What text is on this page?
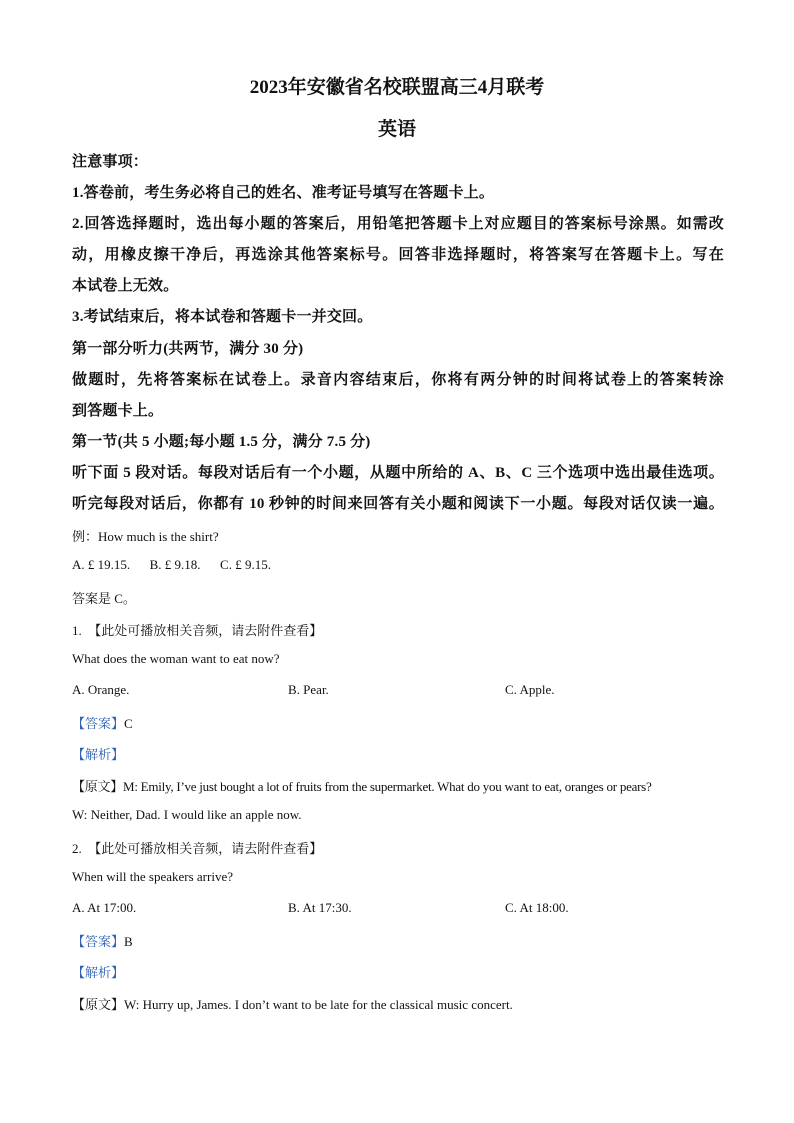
2023年安徽省名校联盟高三4月联考
英语
注意事项：
1.答卷前，考生务必将自己的姓名、准考证号填写在答题卡上。
2.回答选择题时，选出每小题的答案后，用铅笔把答题卡上对应题目的答案标号涂黑。如需改
动，用橡皮擦干净后，再选涂其他答案标号。回答非选择题时，将答案写在答题卡上。写在
本试卷上无效。
3.考试结束后，将本试卷和答题卡一并交回。
第一部分听力(共两节，满分 30 分)
做题时，先将答案标在试卷上。录音内容结束后，你将有两分钟的时间将试卷上的答案转涂
到答题卡上。
第一节(共 5 小题;每小题 1.5 分，满分 7.5 分)
听下面 5 段对话。每段对话后有一个小题，从题中所给的 A、B、C 三个选项中选出最佳选项。
听完每段对话后，你都有 10 秒钟的时间来回答有关小题和阅读下一小题。每段对话仅读一遍。
例：How much is the shirt?
A. £ 19.15.      B. £ 9.18.      C. £ 9.15.
答案是 C。
1.  【此处可播放相关音频，请去附件查看】
What does the woman want to eat now?
A. Orange.	B. Pear.	C. Apple.
【答案】C
【解析】
【原文】M: Emily, I’ve just bought a lot of fruits from the supermarket. What do you want to eat, oranges or pears?
W: Neither, Dad. I would like an apple now.
2.  【此处可播放相关音频，请去附件查看】
When will the speakers arrive?
A. At 17:00.	B. At 17:30.	C. At 18:00.
【答案】B
【解析】
【原文】W: Hurry up, James. I don’t want to be late for the classical music concert.
